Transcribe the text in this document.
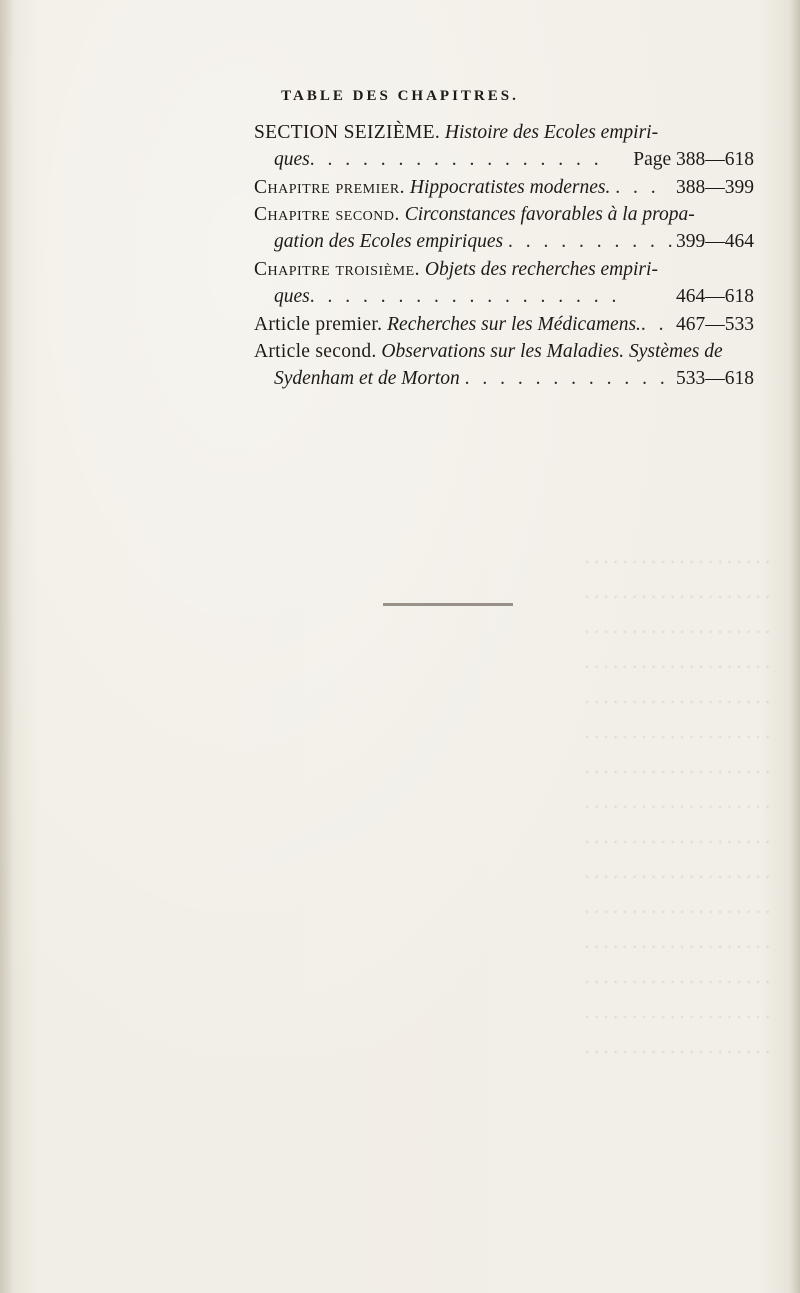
. . . . . . . . . . . . . . . . . . . .
. . . . . . . . . . . . . . . . . . . .
. . . . . . . . . . . . . . . . . . . .
. . . . . . . . . . . . . . . . . . . .
. . . . . . . . . . . . . . . . . . . .
. . . . . . . . . . . . . . . . . . . .
. . . . . . . . . . . . . . . . . . . .
. . . . . . . . . . . . . . . . . . . .
. . . . . . . . . . . . . . . . . . . .
. . . . . . . . . . . . . . . . . . . .
. . . . . . . . . . . . . . . . . . . .
. . . . . . . . . . . . . . . . . . . .
. . . . . . . . . . . . . . . . . . . .
. . . . . . . . . . . . . . . . . . . .
. . . . . . . . . . . . . . . . . . . .
TABLE DES CHAPITRES.
SECTION SEIZIÈME. Histoire des Ecoles empiri-
ques. . . . . . . . . . . . . . . . . Page 388—618
Chapitre premier. Hippocratistes modernes. . . . 388—399
Chapitre second. Circonstances favorables à la propa-
gation des Ecoles empiriques . . . . . . . . . . 399—464
Chapitre troisième. Objets des recherches empiri-
ques. . . . . . . . . . . . . . . . . .	464—618
Article premier. Recherches sur les Médicamens.. . 467—533
Article second. Observations sur les Maladies. Systèmes de
Sydenham et de Morton . . . . . . . . . . . . 533—618
